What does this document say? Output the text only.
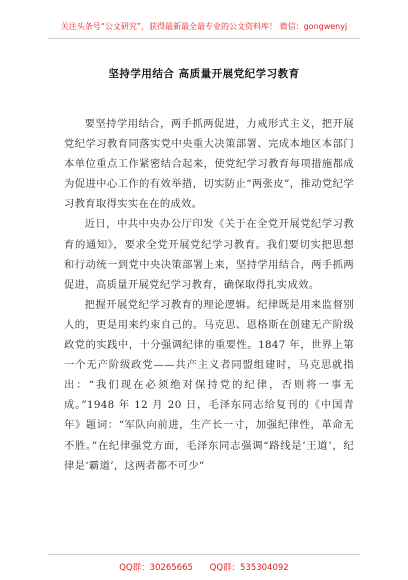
关注头条号“公文研究”，获得最新最全最专业的公文资料库！ 微信：gongwenyj
坚持学用结合 高质量开展党纪学习教育

要坚持学用结合，两手抓两促进，力戒形式主义，把开展党纪学习教育同落实党中央重大决策部署、完成本地区本部门本单位重点工作紧密结合起来，使党纪学习教育每项措施都成为促进中心工作的有效举措，切实防止“两张皮”，推动党纪学习教育取得实实在在的成效。

近日，中共中央办公厅印发《关于在全党开展党纪学习教育的通知》，要求全党开展党纪学习教育。我们要切实把思想和行动统一到党中央决策部署上来，坚持学用结合，两手抓两促进，高质量开展党纪学习教育，确保取得扎实成效。

把握开展党纪学习教育的理论逻辑。纪律既是用来监督别人的，更是用来约束自己的。马克思、恩格斯在创建无产阶级政党的实践中，十分强调纪律的重要性。1847 年，世界上第一个无产阶级政党——共产主义者同盟组建时，马克思就指出：“我们现在必须绝对保持党的纪律，否则将一事无成。”1948 年 12 月 20 日，毛泽东同志给复刊的《中国青年》题词：“军队向前进，生产长一寸，加强纪律性，革命无不胜。”在纪律强党方面，毛泽东同志强调“路线是‘王道’，纪律是‘霸道’，这两者都不可少”

QQ群：30265665 QQ群：535304092
